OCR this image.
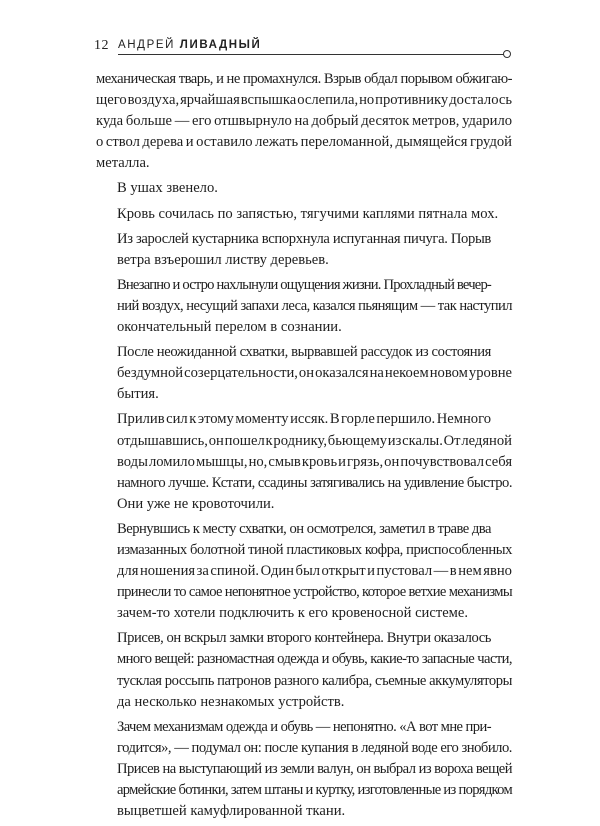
12 АНДРЕЙ ЛИВАДНЫЙ

механическая тварь, и не промахнулся. Взрыв обдал порывом обжигаю-
щего воздуха, ярчайшая вспышка ослепила, но противнику досталось
куда больше — его отшвырнуло на добрый десяток метров, ударило
о ствол дерева и оставило лежать переломанной, дымящейся грудой
металла.

В ушах звенело.

Кровь сочилась по запястью, тягучими каплями пятнала мох.

Из зарослей кустарника вспорхнула испуганная пичуга. Порыв
ветра взъерошил листву деревьев.

Внезапно и остро нахлынули ощущения жизни. Прохладный вечер-
ний воздух, несущий запахи леса, казался пьянящим — так наступил
окончательный перелом в сознании.

После неожиданной схватки, вырвавшей рассудок из состояния
бездумной созерцательности, он оказался на некоем новом уровне
бытия.

Прилив сил к этому моменту иссяк. В горле першило. Немного
отдышавшись, он пошел к роднику, бьющему из скалы. От ледяной
воды ломило мышцы, но, смыв кровь и грязь, он почувствовал себя
намного лучше. Кстати, ссадины затягивались на удивление быстро.
Они уже не кровоточили.

Вернувшись к месту схватки, он осмотрелся, заметил в траве два
измазанных болотной тиной пластиковых кофра, приспособленных
для ношения за спиной. Один был открыт и пустовал — в нем явно
принесли то самое непонятное устройство, которое ветхие механизмы
зачем-то хотели подключить к его кровеносной системе.

Присев, он вскрыл замки второго контейнера. Внутри оказалось
много вещей: разномастная одежда и обувь, какие-то запасные части,
тусклая россыпь патронов разного калибра, съемные аккумуляторы
да несколько незнакомых устройств.

Зачем механизмам одежда и обувь — непонятно. «А вот мне при-
годится», — подумал он: после купания в ледяной воде его знобило.
Присев на выступающий из земли валун, он выбрал из вороха вещей
армейские ботинки, затем штаны и куртку, изготовленные из порядком
выцветшей камуфлированной ткани.
